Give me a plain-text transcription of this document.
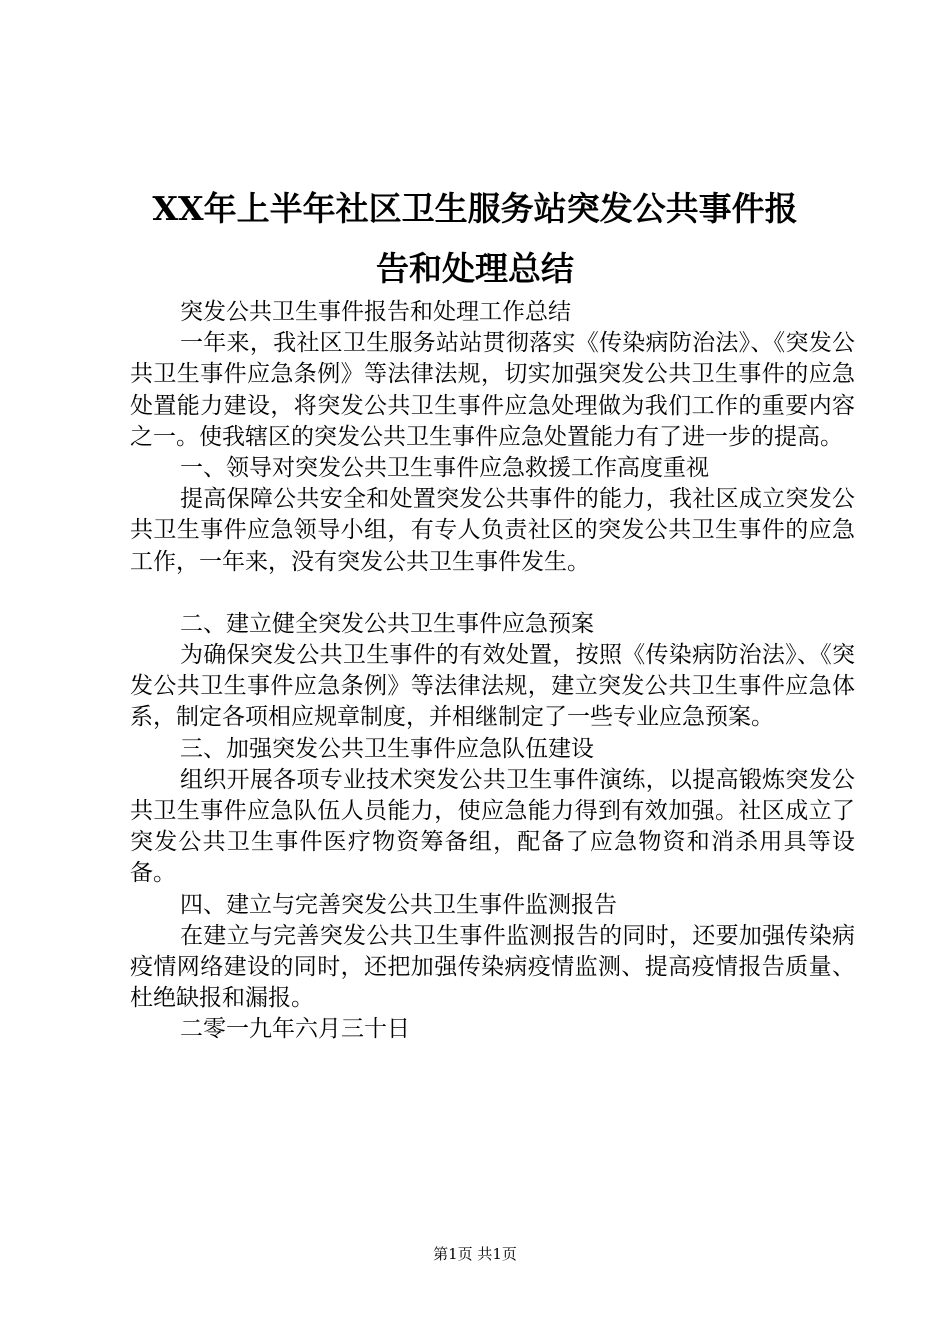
XX年上半年社区卫生服务站突发公共事件报
告和处理总结

突发公共卫生事件报告和处理工作总结

一年来，我社区卫生服务站站贯彻落实《传染病防治法》、《突发公共卫生事件应急条例》等法律法规，切实加强突发公共卫生事件的应急处置能力建设，将突发公共卫生事件应急处理做为我们工作的重要内容之一。使我辖区的突发公共卫生事件应急处置能力有了进一步的提高。

一、领导对突发公共卫生事件应急救援工作高度重视

提高保障公共安全和处置突发公共事件的能力，我社区成立突发公共卫生事件应急领导小组，有专人负责社区的突发公共卫生事件的应急工作，一年来，没有突发公共卫生事件发生。

二、建立健全突发公共卫生事件应急预案

为确保突发公共卫生事件的有效处置，按照《传染病防治法》、《突发公共卫生事件应急条例》等法律法规，建立突发公共卫生事件应急体系，制定各项相应规章制度，并相继制定了一些专业应急预案。

三、加强突发公共卫生事件应急队伍建设

组织开展各项专业技术突发公共卫生事件演练，以提高锻炼突发公共卫生事件应急队伍人员能力，使应急能力得到有效加强。社区成立了突发公共卫生事件医疗物资筹备组，配备了应急物资和消杀用具等设备。

四、建立与完善突发公共卫生事件监测报告

在建立与完善突发公共卫生事件监测报告的同时，还要加强传染病疫情网络建设的同时，还把加强传染病疫情监测、提高疫情报告质量、杜绝缺报和漏报。

二零一九年六月三十日

第1页 共1页
